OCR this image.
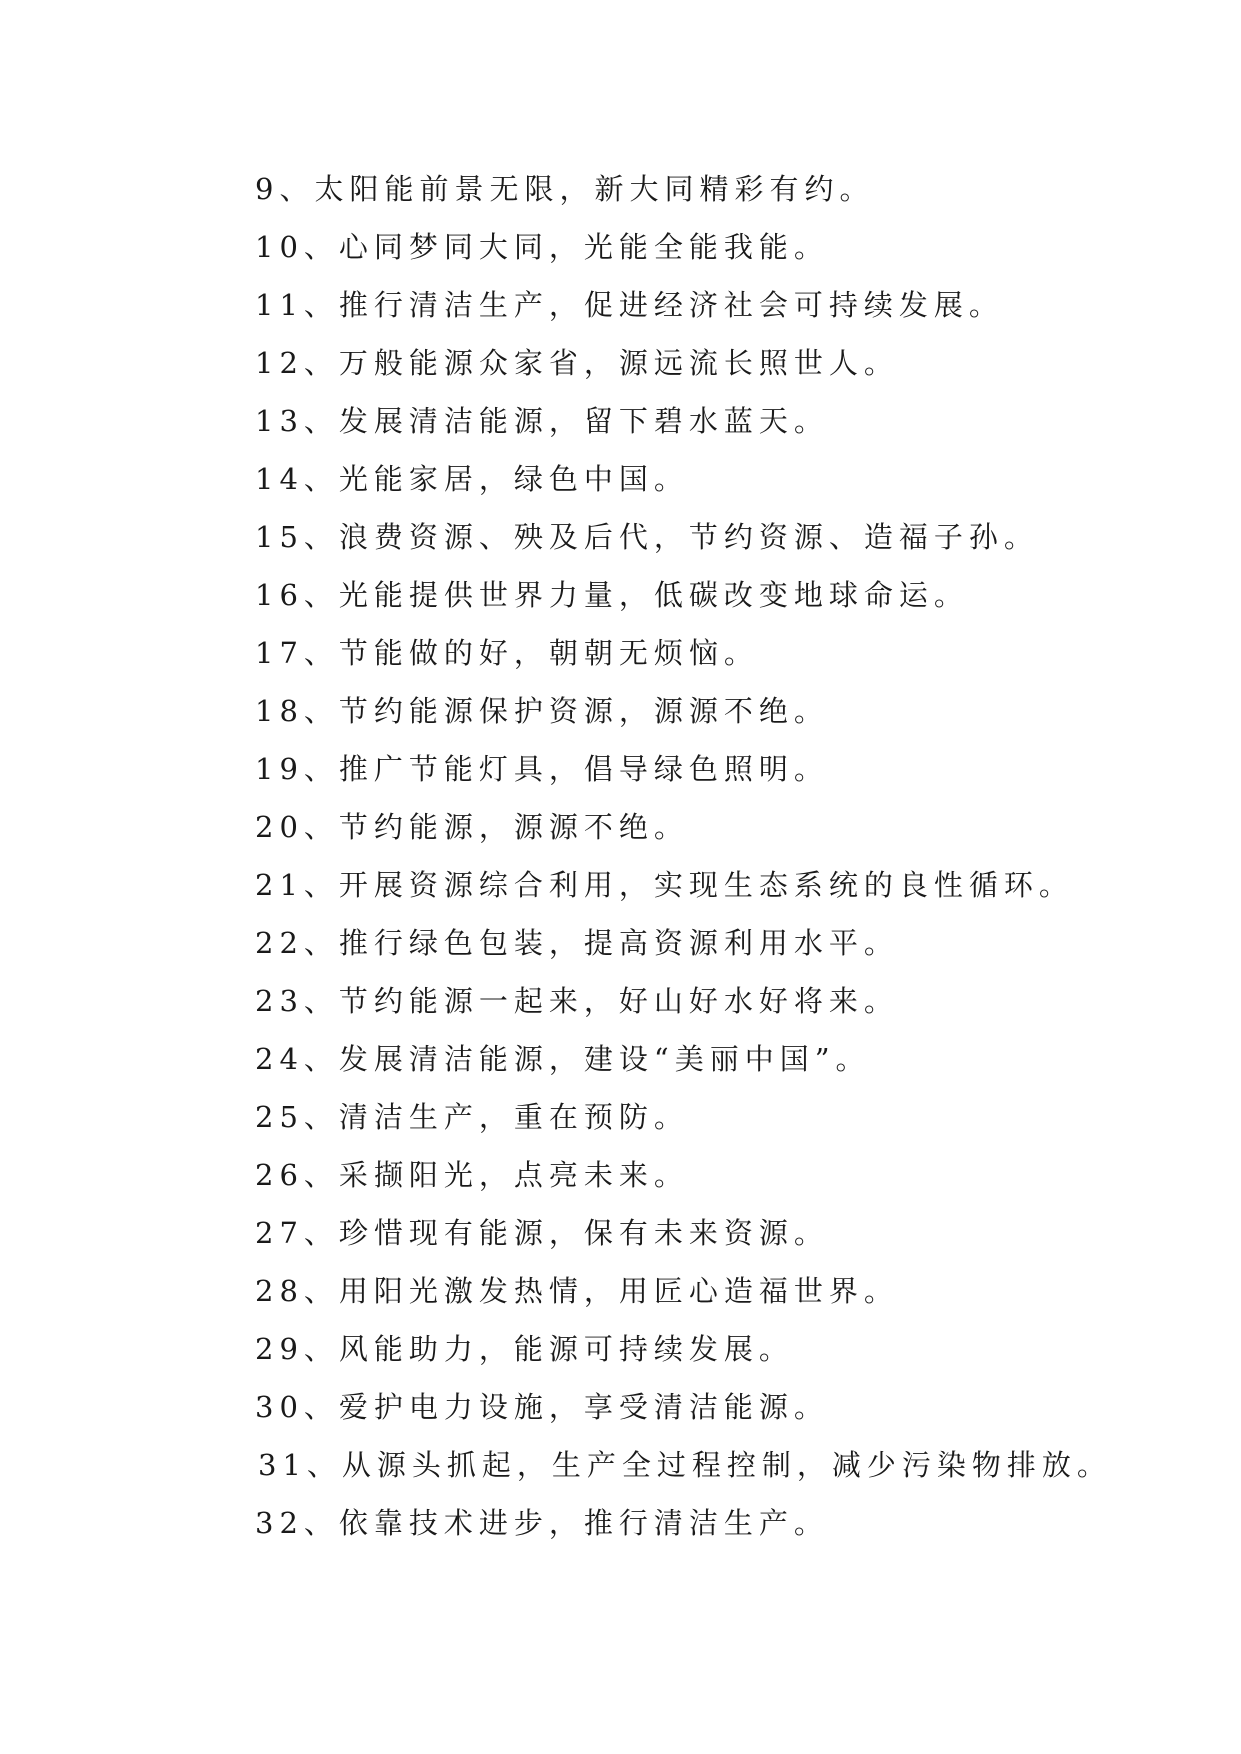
9、太阳能前景无限，新大同精彩有约。
10、心同梦同大同，光能全能我能。
11、推行清洁生产，促进经济社会可持续发展。
12、万般能源众家省，源远流长照世人。
13、发展清洁能源，留下碧水蓝天。
14、光能家居，绿色中国。
15、浪费资源、殃及后代，节约资源、造福子孙。
16、光能提供世界力量，低碳改变地球命运。
17、节能做的好，朝朝无烦恼。
18、节约能源保护资源，源源不绝。
19、推广节能灯具，倡导绿色照明。
20、节约能源，源源不绝。
21、开展资源综合利用，实现生态系统的良性循环。
22、推行绿色包装，提高资源利用水平。
23、节约能源一起来，好山好水好将来。
24、发展清洁能源，建设“美丽中国”。
25、清洁生产，重在预防。
26、采撷阳光，点亮未来。
27、珍惜现有能源，保有未来资源。
28、用阳光激发热情，用匠心造福世界。
29、风能助力，能源可持续发展。
30、爱护电力设施，享受清洁能源。
31、从源头抓起，生产全过程控制，减少污染物排放。
32、依靠技术进步，推行清洁生产。
